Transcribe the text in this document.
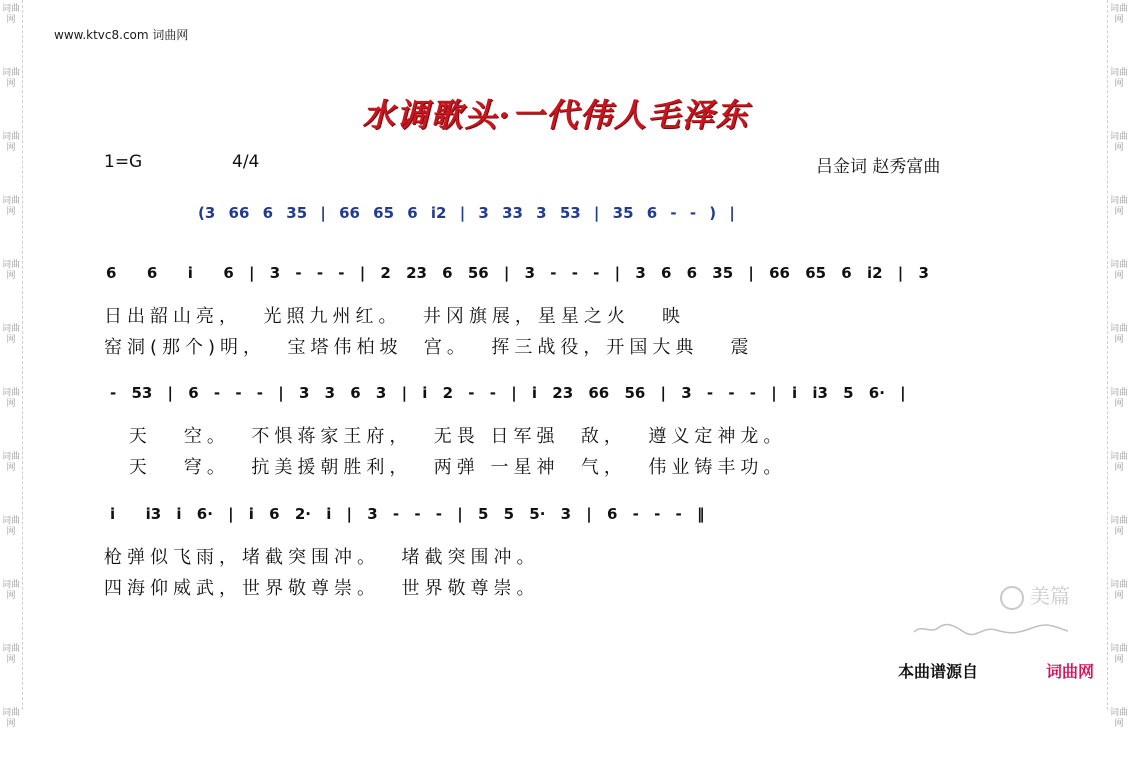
词曲网
词曲网
词曲网
词曲网
词曲网
词曲网
词曲网
词曲网
词曲网
词曲网
词曲网
词曲网
词曲网
词曲网
词曲网
词曲网
词曲网
词曲网
词曲网
词曲网
词曲网
词曲网
词曲网
词曲网
www.ktvc8.com 词曲网
水调歌头·一代伟人毛泽东
1=G	4/4	吕金词 赵秀富曲
(3 66 6 35 | 66 65 6 i2 | 3 33 3 53 | 35 6 - - ) |
6  6  i  6 | 3 - - - | 2 23 6 56 | 3 - - - | 3 6 6 35 | 66 65 6 i2 | 3
日出韶山亮，  光照九州红。  井冈旗展，星星之火   映
窑洞(那个)明，  宝塔伟柏坡  宫。  挥三战役，开国大典   震
- 53 | 6 - - - | 3 3 6 3 | i 2 - - | i 23 66 56 | 3 - - - | i i3 5 6· |
天   空。  不惧蒋家王府，  无畏 日军强  敌，  遵义定神龙。
天   穹。  抗美援朝胜利，  两弹 一星神  气，  伟业铸丰功。
i  i3 i 6· | i 6 2· i | 3 - - - | 5 5 5· 3 | 6 - - - ‖
枪弹似飞雨，堵截突围冲。  堵截突围冲。
四海仰威武，世界敬尊崇。  世界敬尊崇。	美篇
本曲谱源自	词曲网
